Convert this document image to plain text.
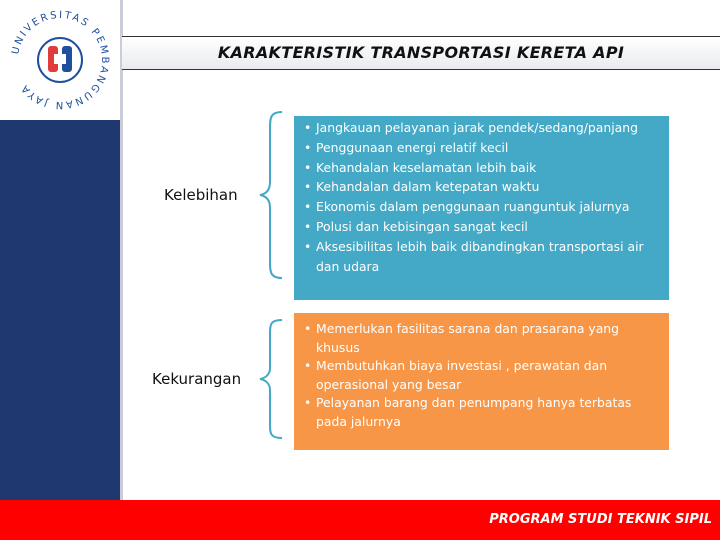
UNIVERSITAS PEMBANGUNAN JAYA
KARAKTERISTIK TRANSPORTASI KERETA API
Kelebihan
• Jangkauan pelayanan jarak pendek/sedang/panjang
• Penggunaan energi relatif kecil
• Kehandalan keselamatan lebih baik
• Kehandalan dalam ketepatan waktu
• Ekonomis dalam penggunaan ruanguntuk jalurnya
• Polusi dan kebisingan sangat kecil
• Aksesibilitas lebih baik dibandingkan transportasi air dan udara
Kekurangan
• Memerlukan fasilitas sarana dan prasarana yang khusus
• Membutuhkan biaya investasi , perawatan dan operasional yang besar
• Pelayanan barang dan penumpang hanya terbatas pada jalurnya
PROGRAM STUDI TEKNIK SIPIL
